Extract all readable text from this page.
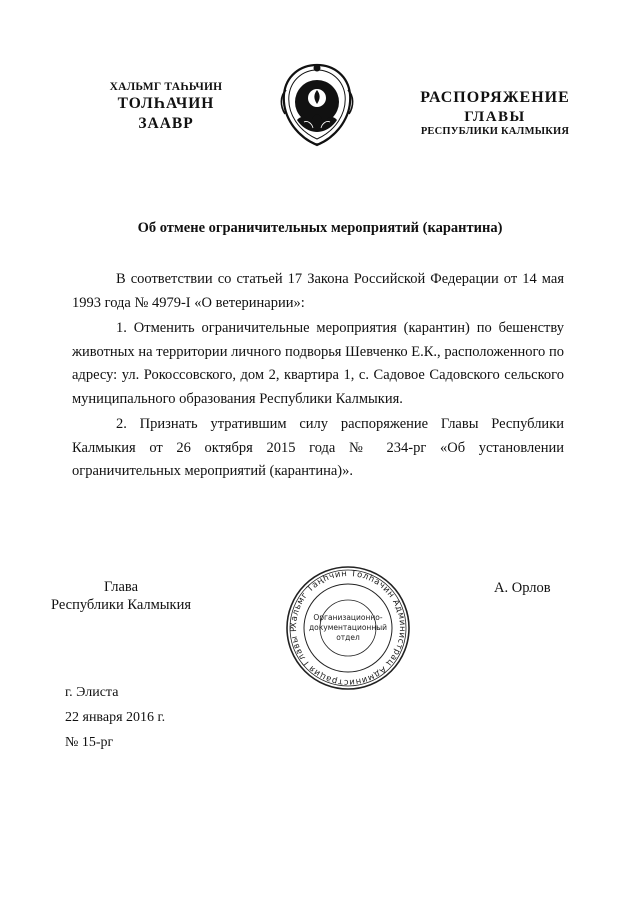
ХАЛЬМГ ТАҺЬЧИН
ТОЛҺАЧИН
ЗААВР
РАСПОРЯЖЕНИЕ
ГЛАВЫ
РЕСПУБЛИКИ КАЛМЫКИЯ
Об отмене ограничительных мероприятий (карантина)

В соответствии со статьей 17 Закона Российской Федерации от 14 мая 1993 года № 4979-I «О ветеринарии»:

1. Отменить ограничительные мероприятия (карантин) по бешенству животных на территории личного подворья Шевченко Е.К., расположенного по адресу: ул. Рокоссовского, дом 2, квартира 1, с. Садовое Садовского сельского муниципального образования Республики Калмыкия.

2. Признать утратившим силу распоряжение Главы Республики Калмыкия от 26 октября 2015 года № 234-рг «Об установлении ограничительных мероприятий (карантина)».

Глава
Республики Калмыкия
Хальмг Таңһчин Толһачин Администрац Администрация Главы Р
Организационно-
документационный
отдел
А. Орлов
г. Элиста
22 января 2016 г.
№ 15-рг
